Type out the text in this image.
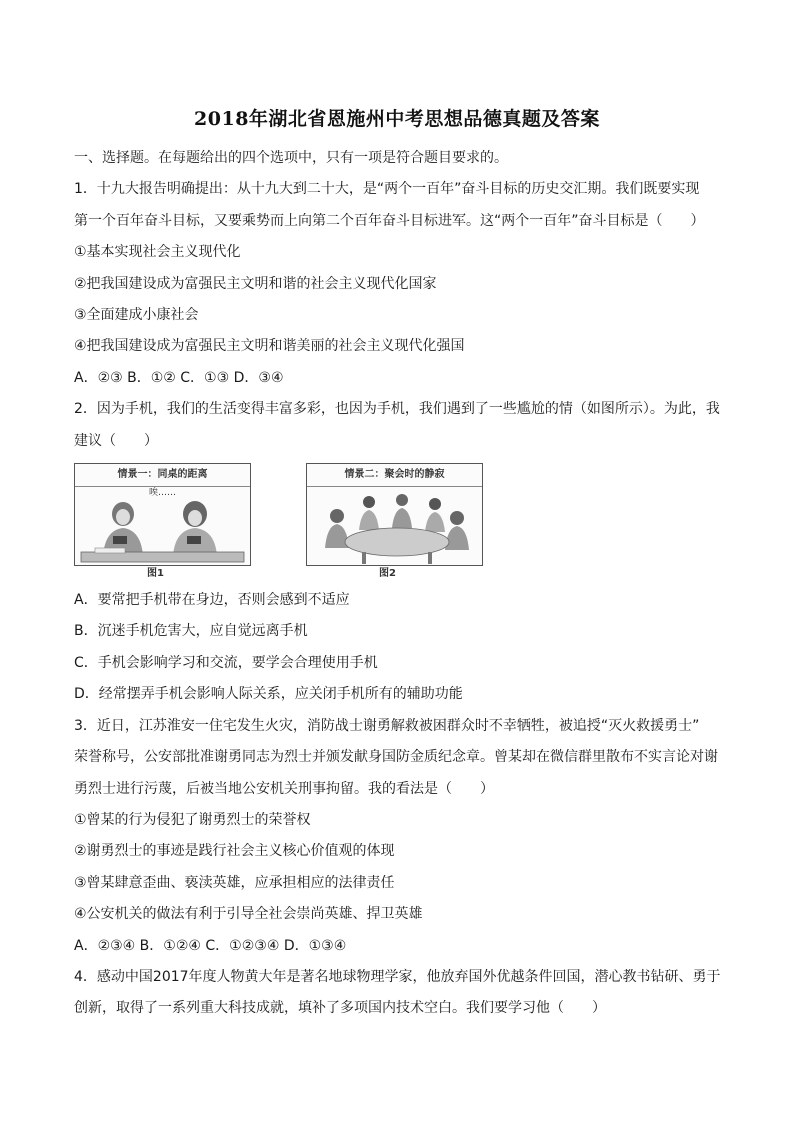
2018年湖北省恩施州中考思想品德真题及答案
一、选择题。在每题给出的四个选项中，只有一项是符合题目要求的。
1．十九大报告明确提出：从十九大到二十大，是“两个一百年”奋斗目标的历史交汇期。我们既要实现
第一个百年奋斗目标，又要乘势而上向第二个百年奋斗目标进军。这“两个一百年”奋斗目标是（　　）
①基本实现社会主义现代化
②把我国建设成为富强民主文明和谐的社会主义现代化国家
③全面建成小康社会
④把我国建设成为富强民主文明和谐美丽的社会主义现代化强国
A．②③ B．①② C．①③ D．③④
2．因为手机，我们的生活变得丰富多彩，也因为手机，我们遇到了一些尴尬的情（如图所示）。为此，我
建议（　　）
情景一：同桌的距离
唉……
图1
情景二：聚会时的静寂
图2
A．要常把手机带在身边，否则会感到不适应
B．沉迷手机危害大，应自觉远离手机
C．手机会影响学习和交流，要学会合理使用手机
D．经常摆弄手机会影响人际关系，应关闭手机所有的辅助功能
3．近日，江苏淮安一住宅发生火灾，消防战士谢勇解救被困群众时不幸牺牲，被追授“灭火救援勇士”
荣誉称号，公安部批准谢勇同志为烈士并颁发献身国防金质纪念章。曾某却在微信群里散布不实言论对谢
勇烈士进行污蔑，后被当地公安机关刑事拘留。我的看法是（　　）
①曾某的行为侵犯了谢勇烈士的荣誉权
②谢勇烈士的事迹是践行社会主义核心价值观的体现
③曾某肆意歪曲、亵渎英雄，应承担相应的法律责任
④公安机关的做法有利于引导全社会崇尚英雄、捍卫英雄
A．②③④ B．①②④ C．①②③④ D．①③④
4．感动中国2017年度人物黄大年是著名地球物理学家，他放弃国外优越条件回国，潜心教书钻研、勇于
创新，取得了一系列重大科技成就，填补了多项国内技术空白。我们要学习他（　　）
